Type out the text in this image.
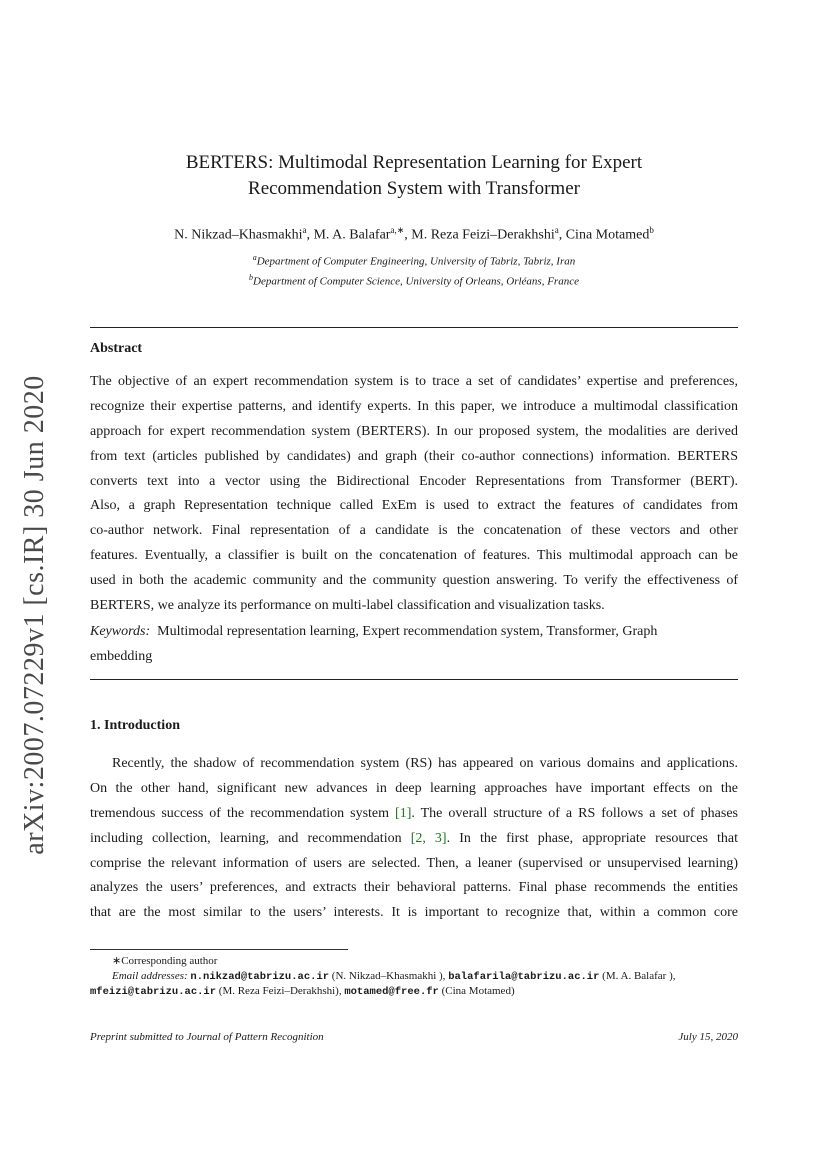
arXiv:2007.07229v1 [cs.IR] 30 Jun 2020
BERTERS: Multimodal Representation Learning for Expert
Recommendation System with Transformer
N. Nikzad–Khasmakhi$^a$, M. A. Balafar$^{a,∗}$, M. Reza Feizi–Derakhshi$^a$, Cina Motamed$^b$
$^a$Department of Computer Engineering, University of Tabriz, Tabriz, Iran
$^b$Department of Computer Science, University of Orleans, Orléans, France
Abstract
The objective of an expert recommendation system is to trace a set of candidates’ expertise and preferences,
recognize their expertise patterns, and identify experts. In this paper, we introduce a multimodal classification
approach for expert recommendation system (BERTERS). In our proposed system, the modalities are derived
from text (articles published by candidates) and graph (their co-author connections) information. BERTERS
converts text into a vector using the Bidirectional Encoder Representations from Transformer (BERT).
Also, a graph Representation technique called ExEm is used to extract the features of candidates from
co-author network. Final representation of a candidate is the concatenation of these vectors and other
features. Eventually, a classifier is built on the concatenation of features. This multimodal approach can be
used in both the academic community and the community question answering. To verify the effectiveness of
BERTERS, we analyze its performance on multi-label classification and visualization tasks.
Keywords: Multimodal representation learning, Expert recommendation system, Transformer, Graph
embedding
1. Introduction
Recently, the shadow of recommendation system (RS) has appeared on various domains and applications.
On the other hand, significant new advances in deep learning approaches have important effects on the
tremendous success of the recommendation system [1]. The overall structure of a RS follows a set of phases
including collection, learning, and recommendation [2, 3]. In the first phase, appropriate resources that
comprise the relevant information of users are selected. Then, a leaner (supervised or unsupervised learning)
analyzes the users’ preferences, and extracts their behavioral patterns. Final phase recommends the entities
that are the most similar to the users’ interests. It is important to recognize that, within a common core
∗Corresponding author
Email addresses: n.nikzad@tabrizu.ac.ir (N. Nikzad–Khasmakhi ), balafarila@tabrizu.ac.ir (M. A. Balafar ),
mfeizi@tabrizu.ac.ir (M. Reza Feizi–Derakhshi), motamed@free.fr (Cina Motamed)
Preprint submitted to Journal of Pattern Recognition	July 15, 2020
